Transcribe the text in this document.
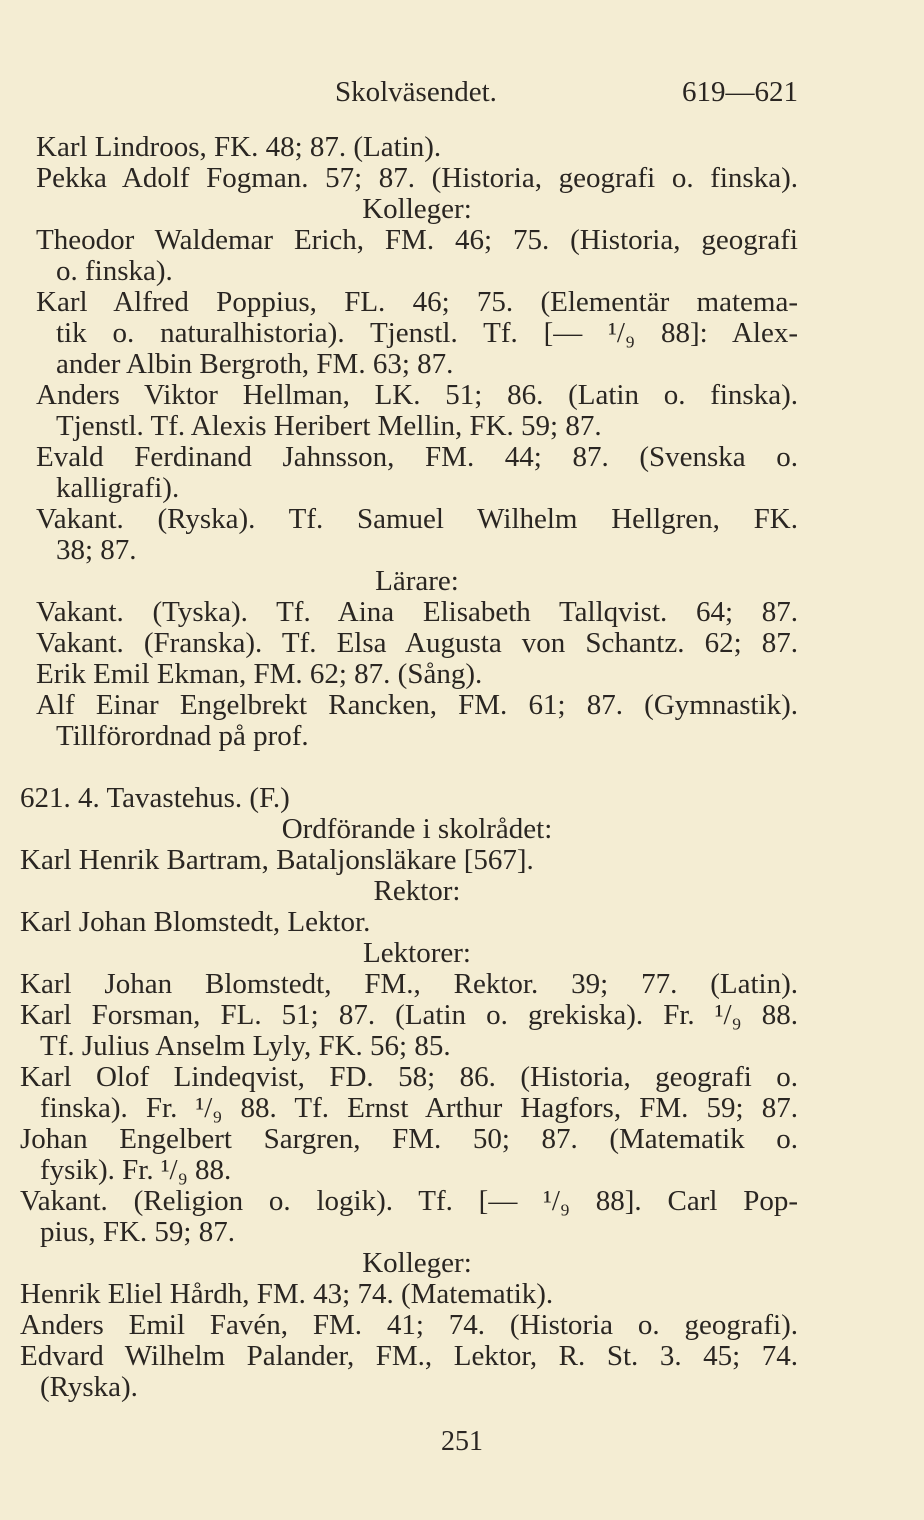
Skolväsendet.	619—621
Karl Lindroos, FK. 48; 87. (Latin).
Pekka Adolf Fogman. 57; 87. (Historia, geografi o. finska).
Kolleger:
Theodor Waldemar Erich, FM. 46; 75. (Historia, geografi
o. finska).
Karl Alfred Poppius, FL. 46; 75. (Elementär matema-
tik o. naturalhistoria). Tjenstl. Tf. [— ¹/₉ 88]: Alex-
ander Albin Bergroth, FM. 63; 87.
Anders Viktor Hellman, LK. 51; 86. (Latin o. finska).
Tjenstl. Tf. Alexis Heribert Mellin, FK. 59; 87.
Evald Ferdinand Jahnsson, FM. 44; 87. (Svenska o.
kalligrafi).
Vakant. (Ryska). Tf. Samuel Wilhelm Hellgren, FK.
38; 87.
Lärare:
Vakant. (Tyska). Tf. Aina Elisabeth Tallqvist. 64; 87.
Vakant. (Franska). Tf. Elsa Augusta von Schantz. 62; 87.
Erik Emil Ekman, FM. 62; 87. (Sång).
Alf Einar Engelbrekt Rancken, FM. 61; 87. (Gymnastik).
Tillförordnad på prof.
621. 4. Tavastehus. (F.)
Ordförande i skolrådet:
Karl Henrik Bartram, Bataljonsläkare [567].
Rektor:
Karl Johan Blomstedt, Lektor.
Lektorer:
Karl Johan Blomstedt, FM., Rektor. 39; 77. (Latin).
Karl Forsman, FL. 51; 87. (Latin o. grekiska). Fr. ¹/₉ 88.
Tf. Julius Anselm Lyly, FK. 56; 85.
Karl Olof Lindeqvist, FD. 58; 86. (Historia, geografi o.
finska). Fr. ¹/₉ 88. Tf. Ernst Arthur Hagfors, FM. 59; 87.
Johan Engelbert Sargren, FM. 50; 87. (Matematik o.
fysik). Fr. ¹/₉ 88.
Vakant. (Religion o. logik). Tf. [— ¹/₉ 88]. Carl Pop-
pius, FK. 59; 87.
Kolleger:
Henrik Eliel Hårdh, FM. 43; 74. (Matematik).
Anders Emil Favén, FM. 41; 74. (Historia o. geografi).
Edvard Wilhelm Palander, FM., Lektor, R. St. 3. 45; 74.
(Ryska).
251
